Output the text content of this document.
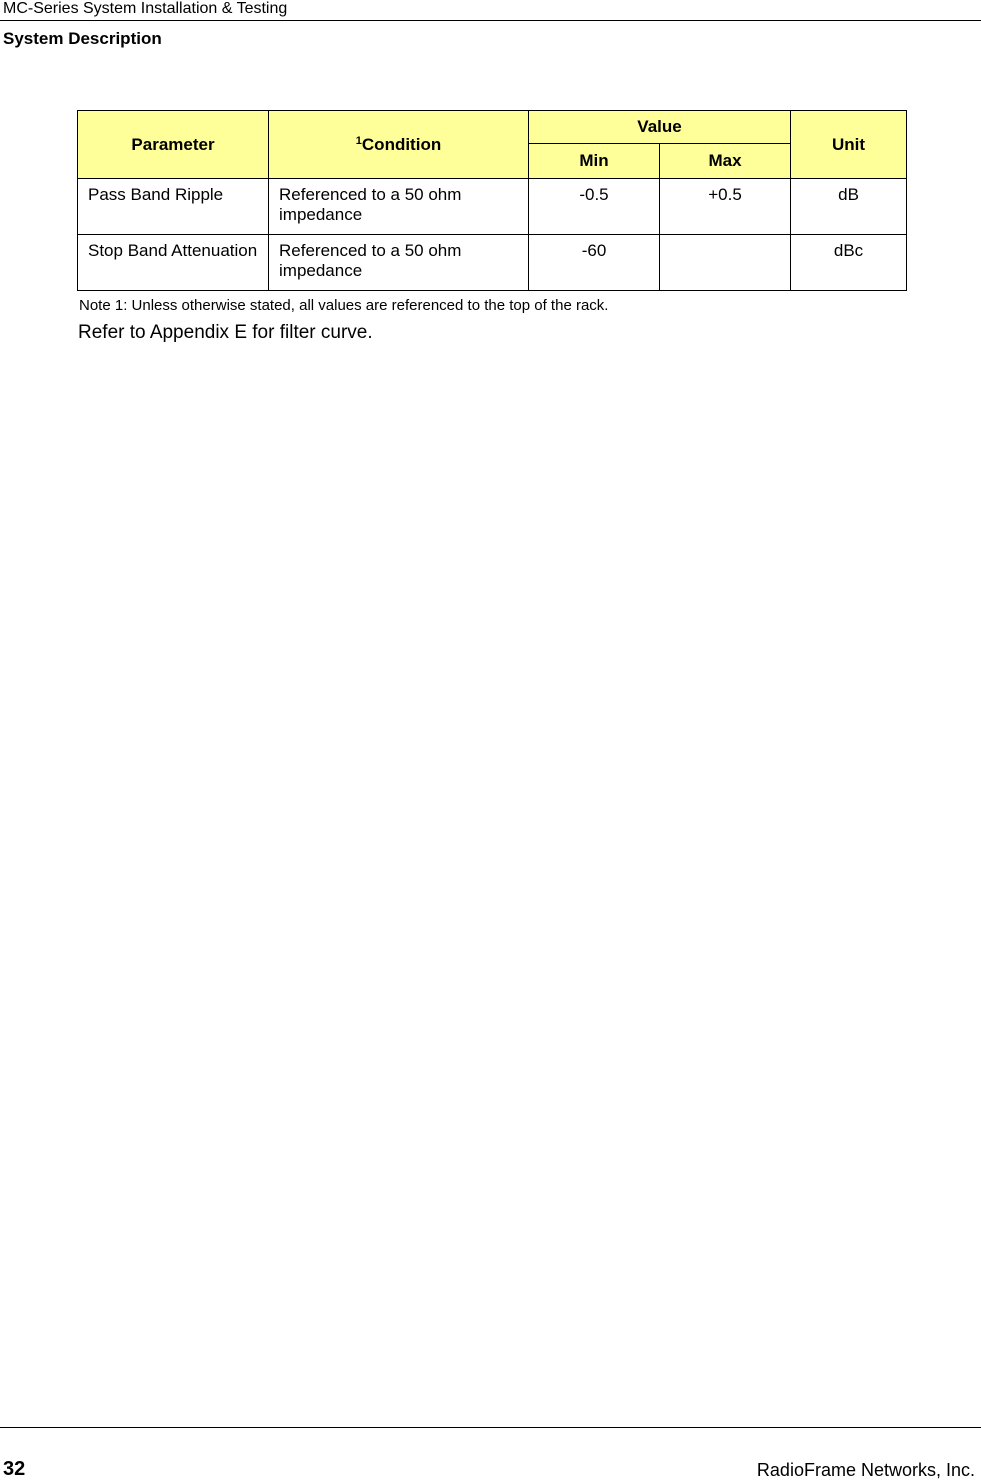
MC-Series System Installation & Testing
System Description
Parameter	$^1$Condition	Value		Unit
		Min	Max	
Pass Band Ripple	Referenced to a 50 ohm impedance	-0.5	+0.5	dB
Stop Band Attenuation	Referenced to a 50 ohm impedance	-60		dBc
Note 1: Unless otherwise stated, all values are referenced to the top of the rack.
Refer to Appendix E for filter curve.
32	RadioFrame Networks, Inc.
